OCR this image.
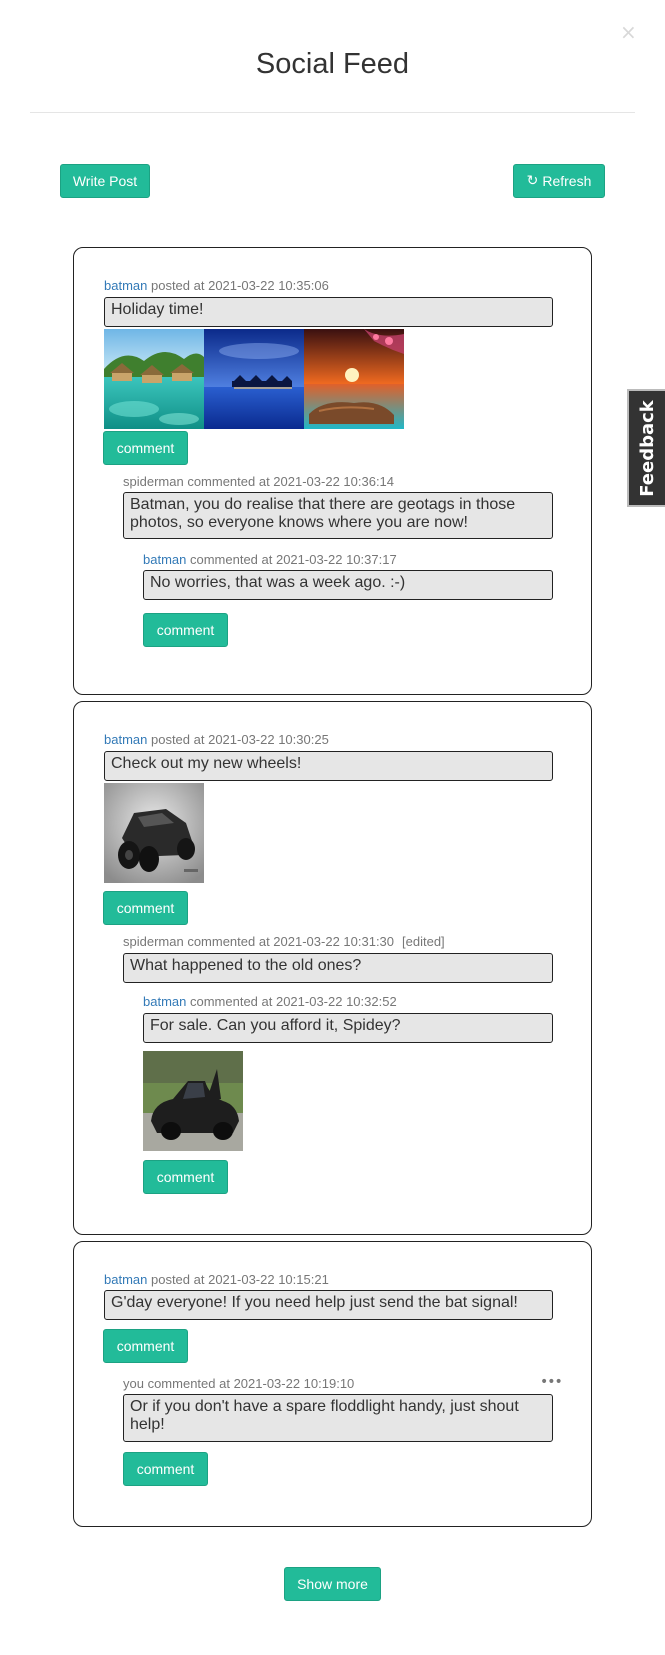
×
Social Feed
Write Post	↻ Refresh
batman posted at 2021-03-22 10:35:06
Holiday time!
comment
spiderman commented at 2021-03-22 10:36:14
Batman, you do realise that there are geotags in those photos, so everyone knows where you are now!
batman commented at 2021-03-22 10:37:17
No worries, that was a week ago. :-)
comment
batman posted at 2021-03-22 10:30:25
Check out my new wheels!
comment
spiderman commented at 2021-03-22 10:31:30 [edited]
What happened to the old ones?
batman commented at 2021-03-22 10:32:52
For sale. Can you afford it, Spidey?
comment
batman posted at 2021-03-22 10:15:21
G'day everyone! If you need help just send the bat signal!
comment
you commented at 2021-03-22 10:19:10	•••
Or if you don't have a spare floddlight handy, just shout help!
comment
Show more
Feedback
